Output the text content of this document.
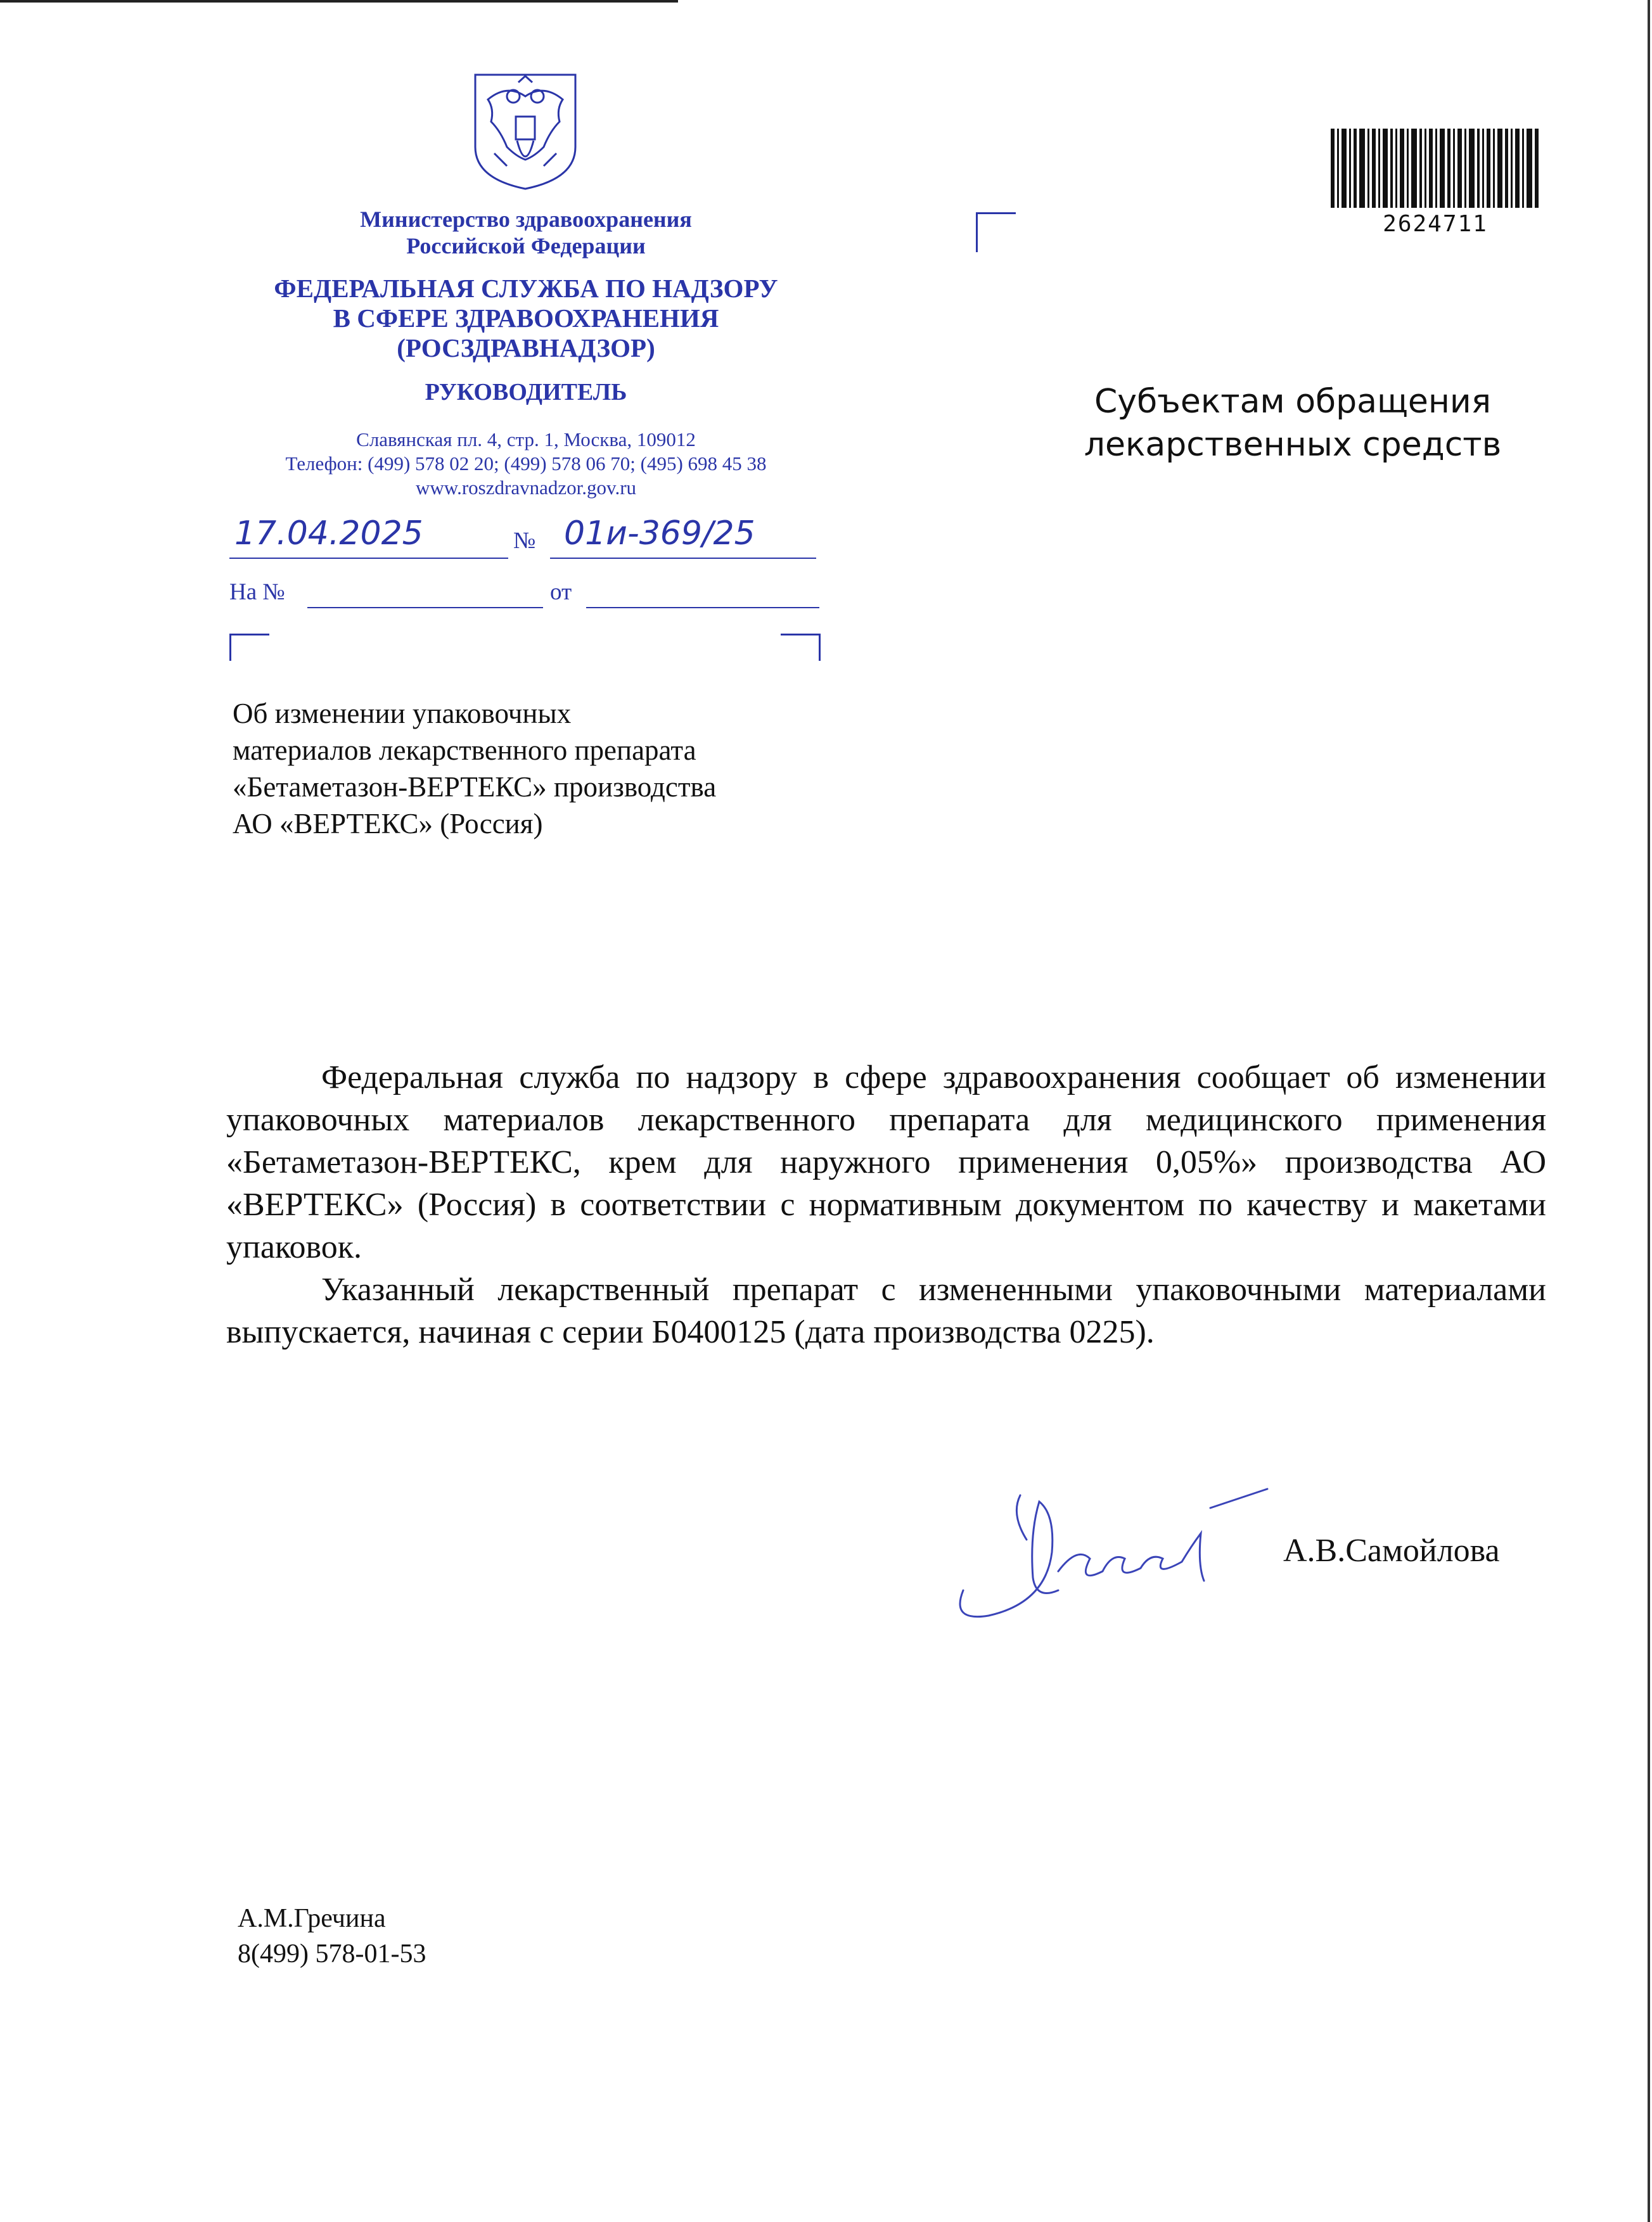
Министерство здравоохранения
Российской Федерации
ФЕДЕРАЛЬНАЯ СЛУЖБА ПО НАДЗОРУ
В СФЕРЕ ЗДРАВООХРАНЕНИЯ
(РОСЗДРАВНАДЗОР)
РУКОВОДИТЕЛЬ
Славянская пл. 4, стр. 1, Москва, 109012
Телефон: (499) 578 02 20; (499) 578 06 70; (495) 698 45 38
www.roszdravnadzor.gov.ru
17.04.2025	№ 01и-369/25
На №	от
2624711
Субъектам обращения
лекарственных средств
Об изменении упаковочных
материалов лекарственного препарата
«Бетаметазон-ВЕРТЕКС» производства
АО «ВЕРТЕКС» (Россия)

Федеральная служба по надзору в сфере здравоохранения сообщает об изменении упаковочных материалов лекарственного препарата для медицинского применения «Бетаметазон-ВЕРТЕКС, крем для наружного применения 0,05%» производства АО «ВЕРТЕКС» (Россия) в соответствии с нормативным документом по качеству и макетами упаковок.

Указанный лекарственный препарат с измененными упаковочными материалами выпускается, начиная с серии Б0400125 (дата производства 0225).

А.В.Самойлова
А.М.Гречина
8(499) 578-01-53
